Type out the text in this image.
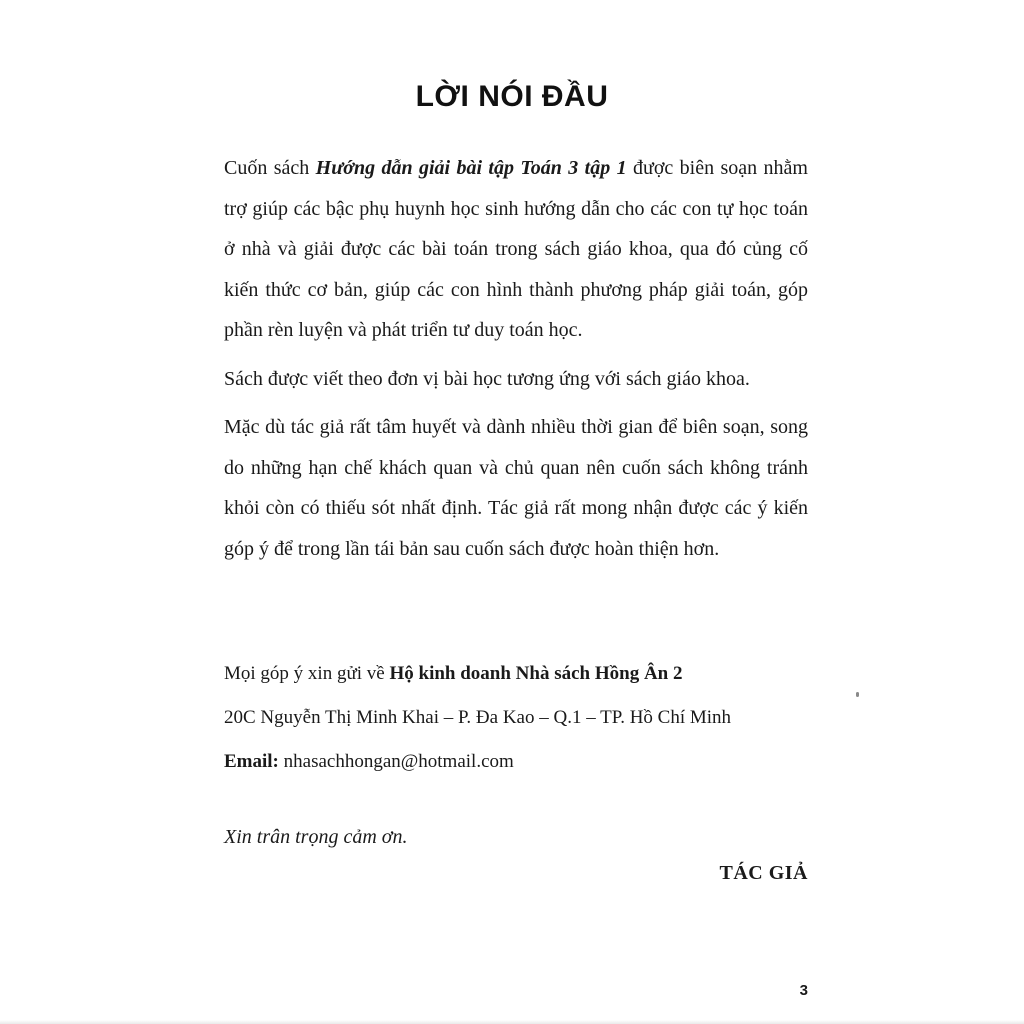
LỜI NÓI ĐẦU

Cuốn sách Hướng dẫn giải bài tập Toán 3 tập 1 được biên soạn nhằm trợ giúp các bậc phụ huynh học sinh hướng dẫn cho các con tự học toán ở nhà và giải được các bài toán trong sách giáo khoa, qua đó củng cố kiến thức cơ bản, giúp các con hình thành phương pháp giải toán, góp phần rèn luyện và phát triển tư duy toán học.

Sách được viết theo đơn vị bài học tương ứng với sách giáo khoa.

Mặc dù tác giả rất tâm huyết và dành nhiều thời gian để biên soạn, song do những hạn chế khách quan và chủ quan nên cuốn sách không tránh khỏi còn có thiếu sót nhất định. Tác giả rất mong nhận được các ý kiến góp ý để trong lần tái bản sau cuốn sách được hoàn thiện hơn.

Mọi góp ý xin gửi về Hộ kinh doanh Nhà sách Hồng Ân 2
20C Nguyễn Thị Minh Khai – P. Đa Kao – Q.1 – TP. Hồ Chí Minh
Email: nhasachhongan@hotmail.com
Xin trân trọng cảm ơn.
TÁC GIẢ
3
